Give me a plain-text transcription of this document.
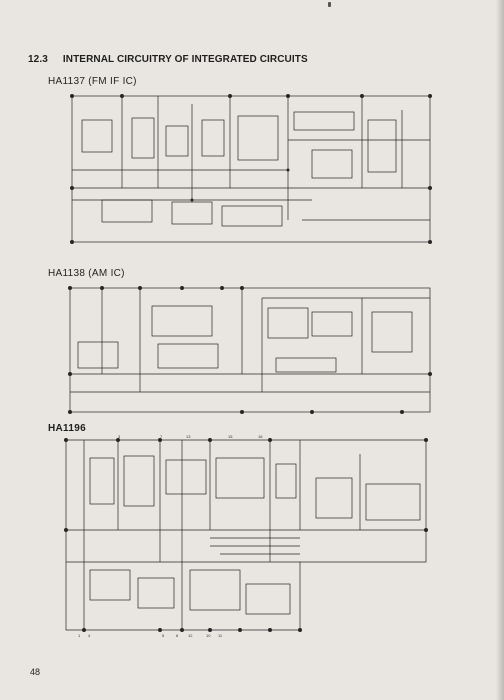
12.3 INTERNAL CIRCUITRY OF INTEGRATED CIRCUITS
HA1137 (FM IF IC)
HA1138 (AM IC)
HA1196
3	7	13	15	16
1 4	5	6 12	10 11
48
